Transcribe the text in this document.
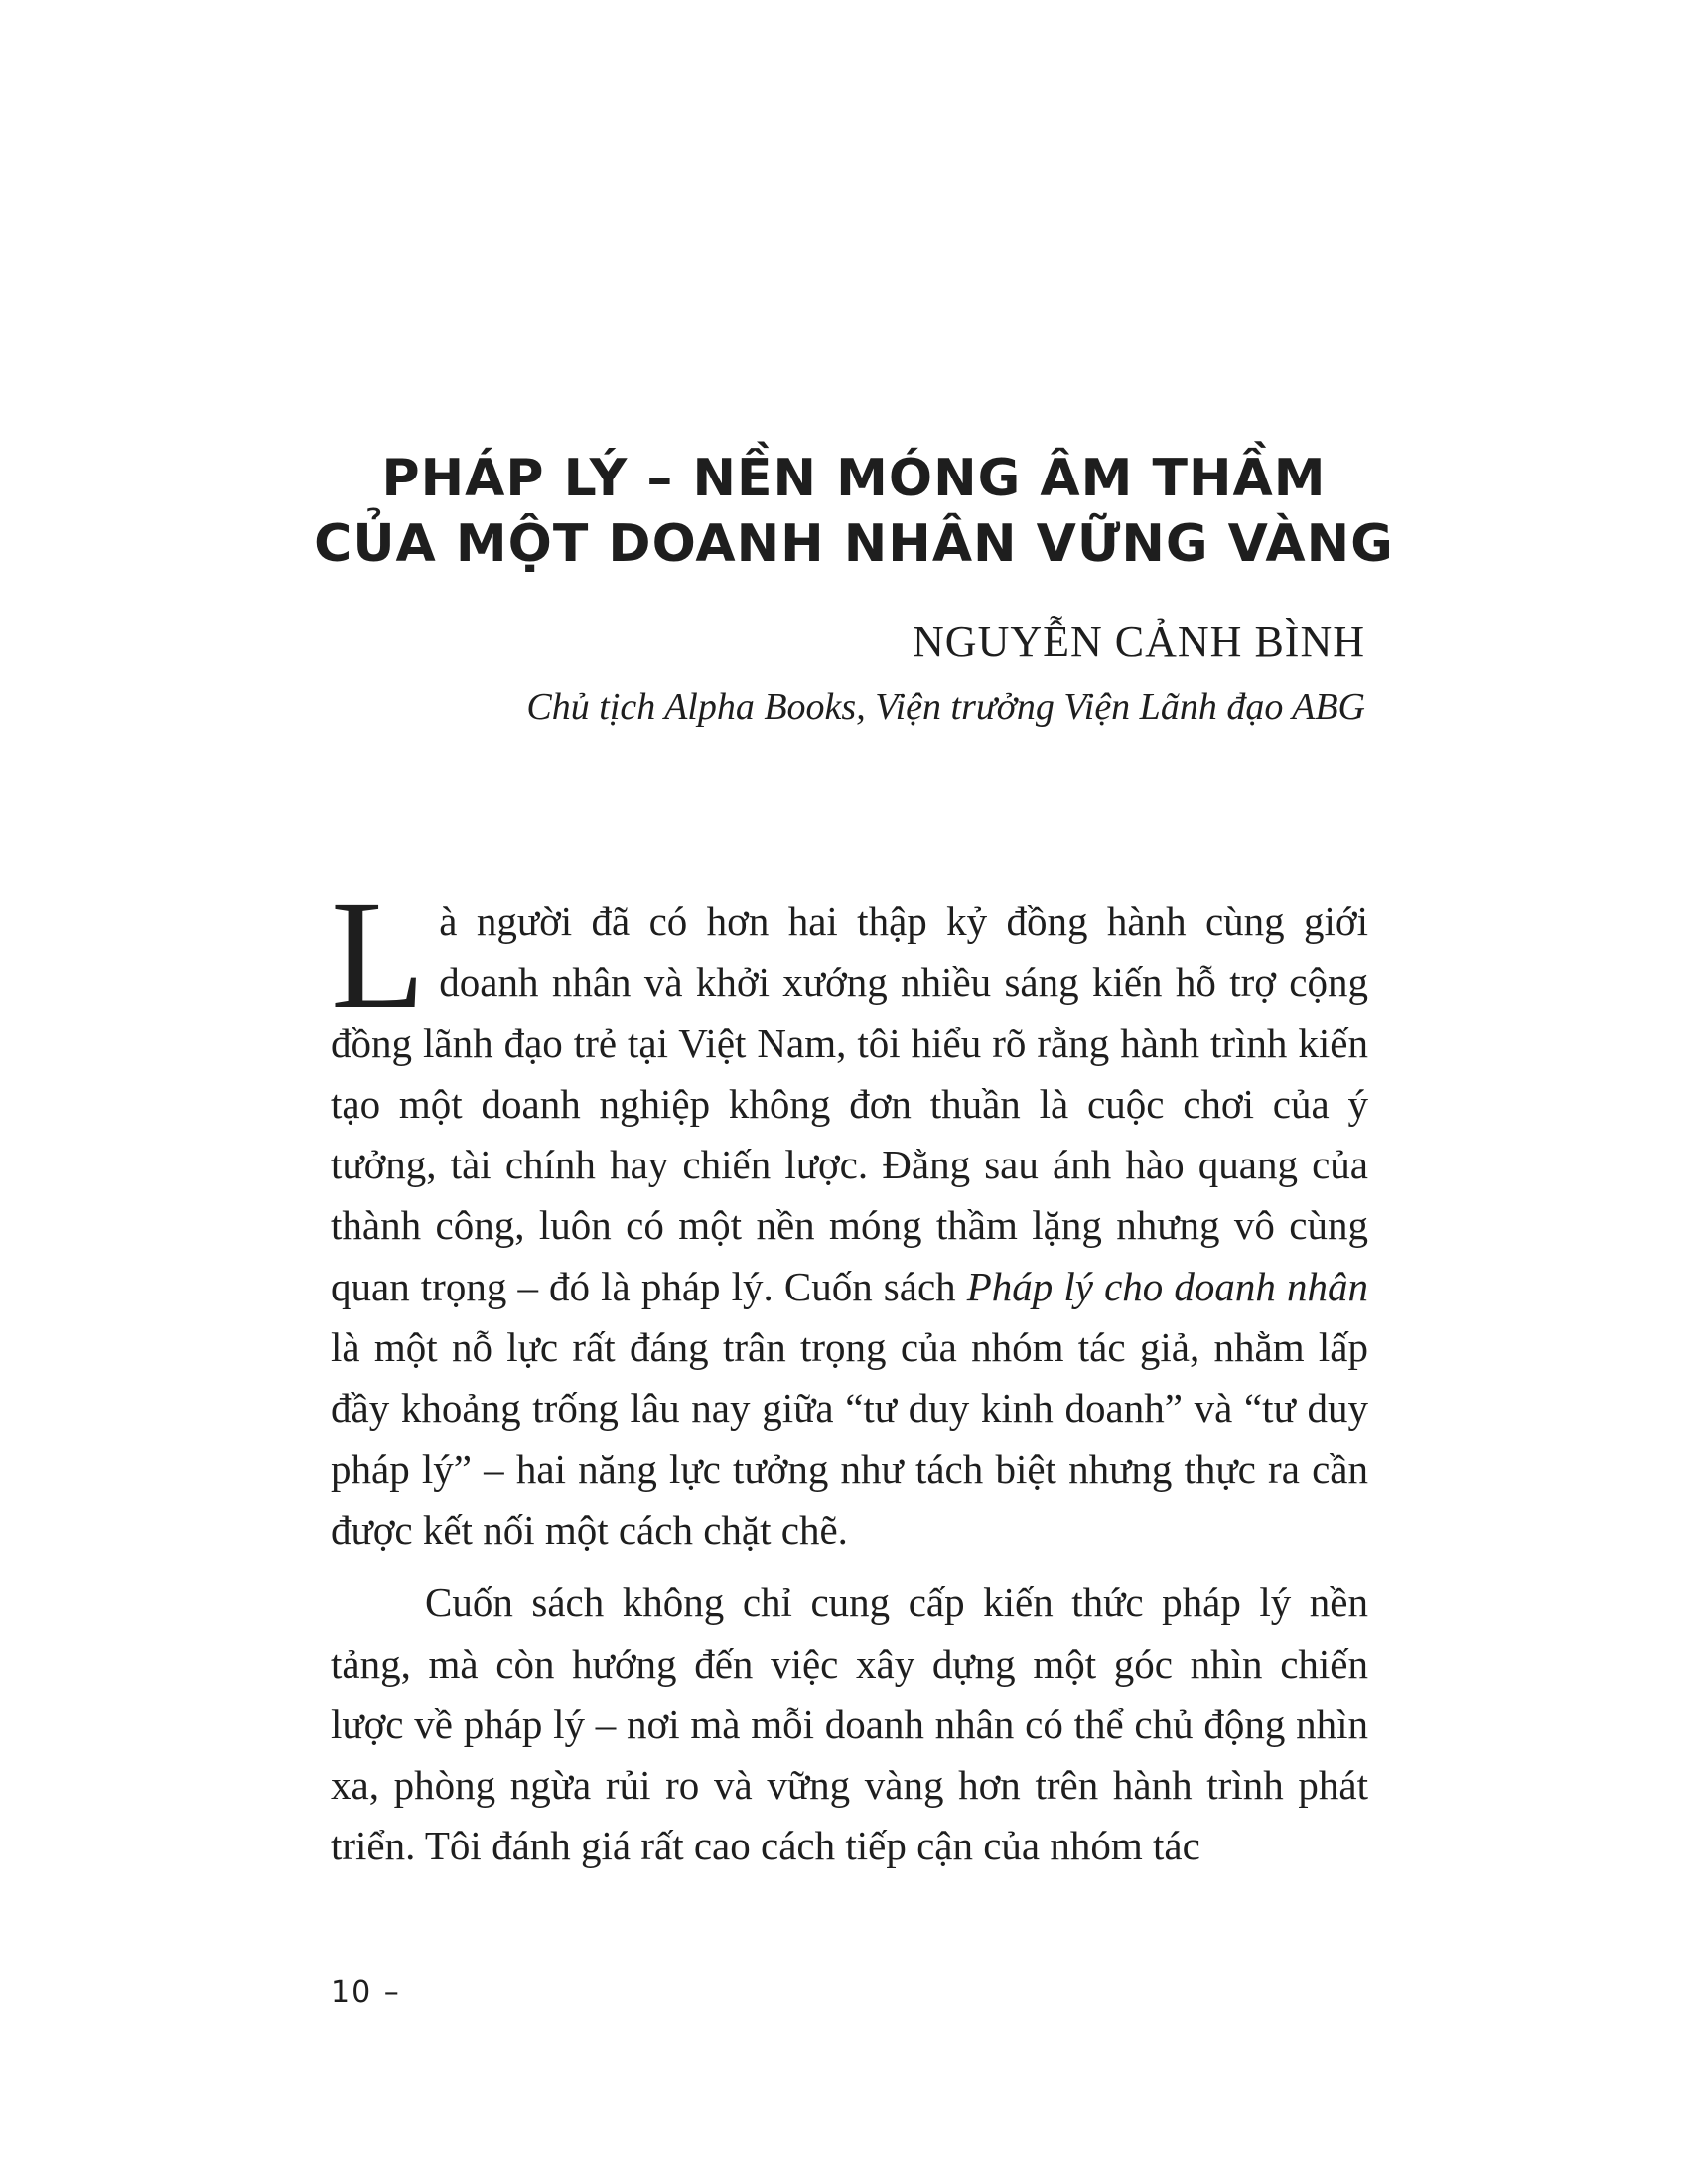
PHÁP LÝ – NỀN MÓNG ÂM THẦM
CỦA MỘT DOANH NHÂN VỮNG VÀNG
NGUYỄN CẢNH BÌNH
Chủ tịch Alpha Books, Viện trưởng Viện Lãnh đạo ABG

Là người đã có hơn hai thập kỷ đồng hành cùng giới doanh nhân và khởi xướng nhiều sáng kiến hỗ trợ cộng đồng lãnh đạo trẻ tại Việt Nam, tôi hiểu rõ rằng hành trình kiến tạo một doanh nghiệp không đơn thuần là cuộc chơi của ý tưởng, tài chính hay chiến lược. Đằng sau ánh hào quang của thành công, luôn có một nền móng thầm lặng nhưng vô cùng quan trọng – đó là pháp lý. Cuốn sách Pháp lý cho doanh nhân là một nỗ lực rất đáng trân trọng của nhóm tác giả, nhằm lấp đầy khoảng trống lâu nay giữa “tư duy kinh doanh” và “tư duy pháp lý” – hai năng lực tưởng như tách biệt nhưng thực ra cần được kết nối một cách chặt chẽ.

Cuốn sách không chỉ cung cấp kiến thức pháp lý nền tảng, mà còn hướng đến việc xây dựng một góc nhìn chiến lược về pháp lý – nơi mà mỗi doanh nhân có thể chủ động nhìn xa, phòng ngừa rủi ro và vững vàng hơn trên hành trình phát triển. Tôi đánh giá rất cao cách tiếp cận của nhóm tác

10 –
